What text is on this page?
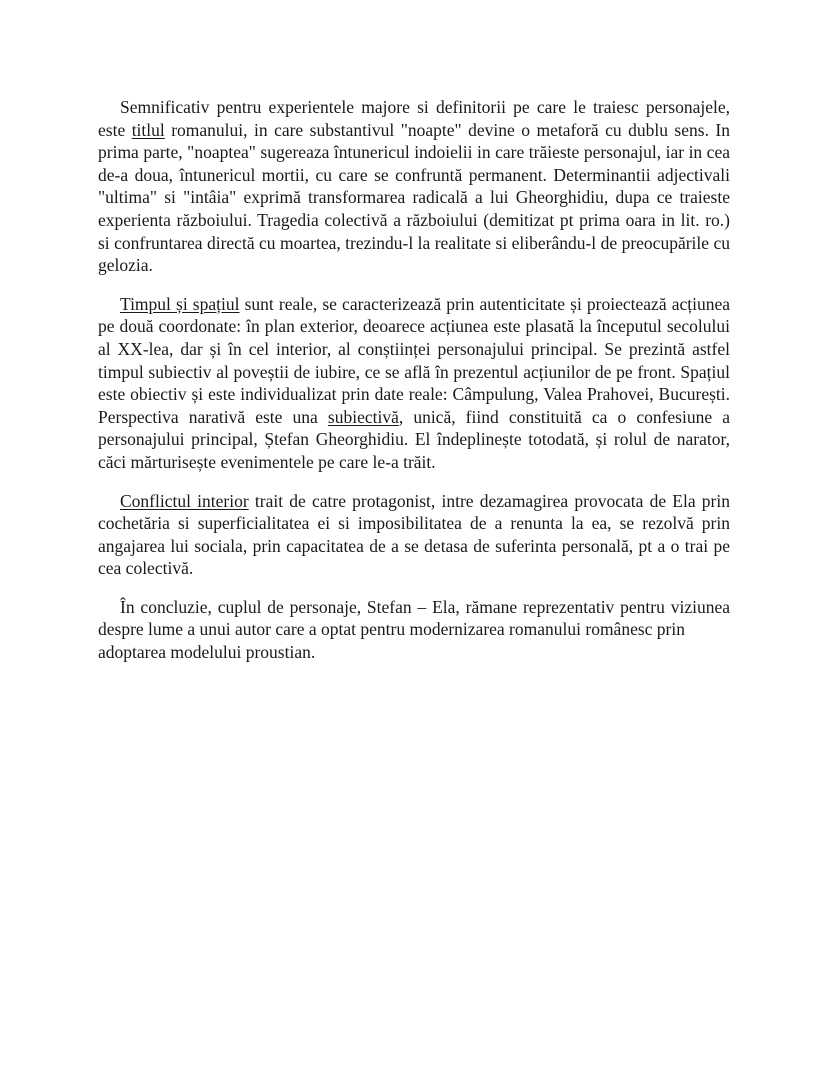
Semnificativ pentru experientele majore si definitorii pe care le traiesc personajele, este titlul romanului, in care substantivul "noapte" devine o metaforă cu dublu sens. In prima parte, "noaptea" sugereaza întunericul indoielii in care trăieste personajul, iar in cea de-a doua, întunericul mortii, cu care se confruntă permanent. Determinantii adjectivali "ultima" si "intâia" exprimă transformarea radicală a lui Gheorghidiu, dupa ce traieste experienta războiului. Tragedia colectivă a războiului (demitizat pt prima oara in lit. ro.) si confruntarea directă cu moartea, trezindu-l la realitate si eliberându-l de preocupările cu gelozia.

Timpul și spațiul sunt reale, se caracterizează prin autenticitate și proiectează acțiunea pe două coordonate: în plan exterior, deoarece acțiunea este plasată la începutul secolului al XX-lea, dar și în cel interior, al conștiinței personajului principal. Se prezintă astfel timpul subiectiv al poveștii de iubire, ce se află în prezentul acțiunilor de pe front. Spațiul este obiectiv și este individualizat prin date reale: Câmpulung, Valea Prahovei, București. Perspectiva narativă este una subiectivă, unică, fiind constituită ca o confesiune a personajului principal, Ștefan Gheorghidiu. El îndeplinește totodată, și rolul de narator, căci mărturisește evenimentele pe care le-a trăit.

Conflictul interior trait de catre protagonist, intre dezamagirea provocata de Ela prin cochetăria si superficialitatea ei si imposibilitatea de a renunta la ea, se rezolvă prin angajarea lui sociala, prin capacitatea de a se detasa de suferinta personală, pt a o trai pe cea colectivă.

În concluzie, cuplul de personaje, Stefan – Ela, rămane reprezentativ pentru viziunea despre lume a unui autor care a optat pentru modernizarea romanului românesc prin
adoptarea modelului proustian.
